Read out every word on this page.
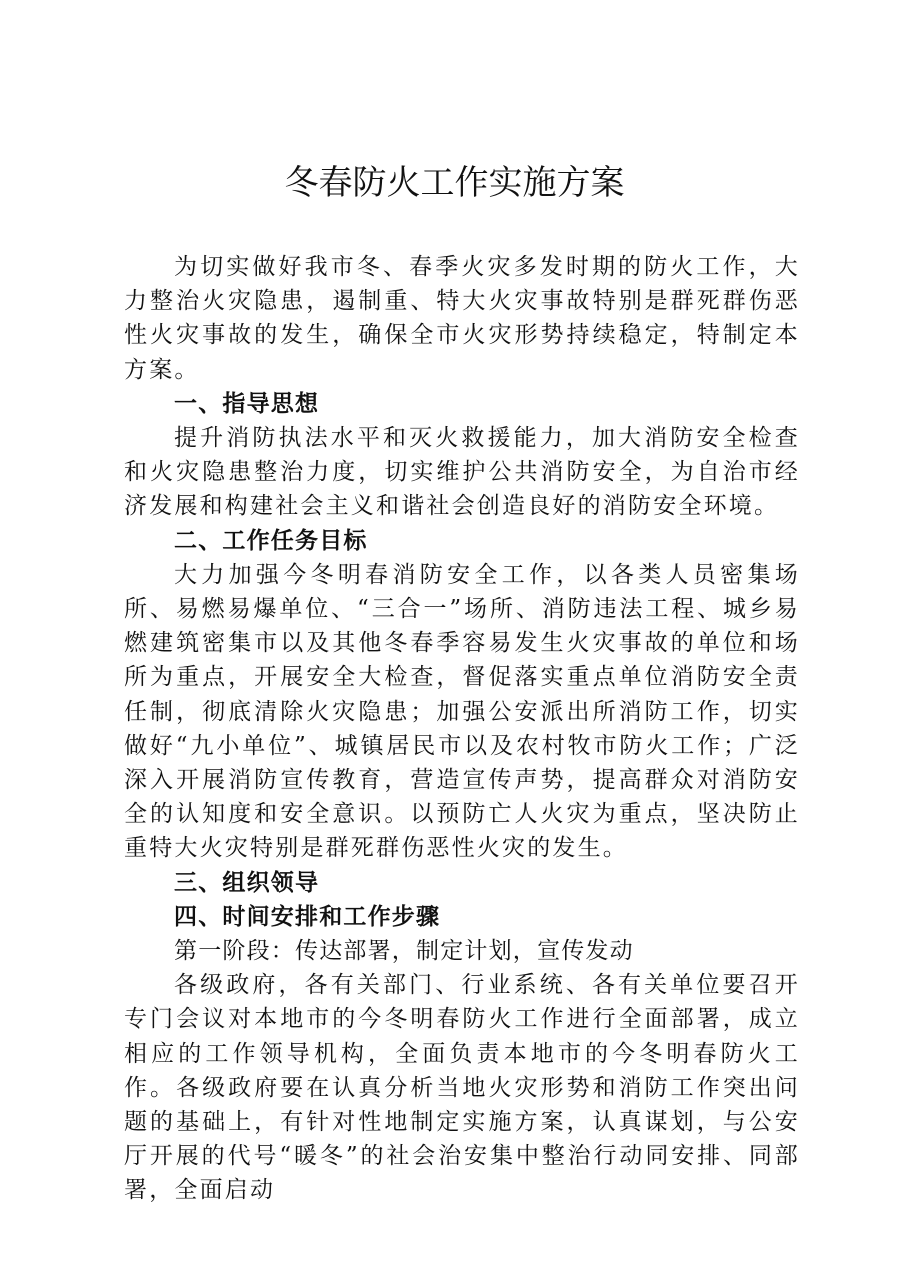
冬春防火工作实施方案

为切实做好我市冬、春季火灾多发时期的防火工作，大力整治火灾隐患，遏制重、特大火灾事故特别是群死群伤恶性火灾事故的发生，确保全市火灾形势持续稳定，特制定本方案。

一、指导思想

提升消防执法水平和灭火救援能力，加大消防安全检查和火灾隐患整治力度，切实维护公共消防安全，为自治市经济发展和构建社会主义和谐社会创造良好的消防安全环境。

二、工作任务目标

大力加强今冬明春消防安全工作，以各类人员密集场所、易燃易爆单位、“三合一”场所、消防违法工程、城乡易燃建筑密集市以及其他冬春季容易发生火灾事故的单位和场所为重点，开展安全大检查，督促落实重点单位消防安全责任制，彻底清除火灾隐患；加强公安派出所消防工作，切实做好“九小单位”、城镇居民市以及农村牧市防火工作；广泛深入开展消防宣传教育，营造宣传声势，提高群众对消防安全的认知度和安全意识。以预防亡人火灾为重点，坚决防止重特大火灾特别是群死群伤恶性火灾的发生。

三、组织领导

四、时间安排和工作步骤

第一阶段：传达部署，制定计划，宣传发动

各级政府，各有关部门、行业系统、各有关单位要召开专门会议对本地市的今冬明春防火工作进行全面部署，成立相应的工作领导机构，全面负责本地市的今冬明春防火工作。各级政府要在认真分析当地火灾形势和消防工作突出问题的基础上，有针对性地制定实施方案，认真谋划，与公安厅开展的代号“暖冬”的社会治安集中整治行动同安排、同部署，全面启动
